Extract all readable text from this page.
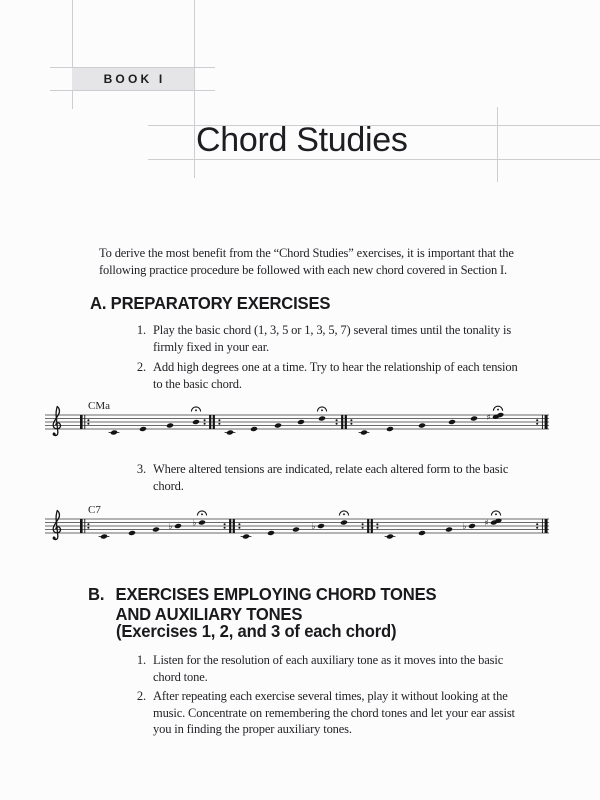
BOOK I
Chord Studies
To derive the most benefit from the “Chord Studies” exercises, it is important that the
following practice procedure be followed with each new chord covered in Section I.
A. PREPARATORY EXERCISES
1. Play the basic chord (1, 3, 5 or 1, 3, 5, 7) several times until the tonality is
firmly fixed in your ear.
2. Add high degrees one at a time. Try to hear the relationship of each tension
to the basic chord.
CMa
♯
3. Where altered tensions are indicated, relate each altered form to the basic
chord.
C7
♭ ♭	♭	♭ ♯
B. EXERCISES EMPLOYING CHORD TONES
AND AUXILIARY TONES
(Exercises 1, 2, and 3 of each chord)
1. Listen for the resolution of each auxiliary tone as it moves into the basic
chord tone.
2. After repeating each exercise several times, play it without looking at the
music. Concentrate on remembering the chord tones and let your ear assist
you in finding the proper auxiliary tones.
